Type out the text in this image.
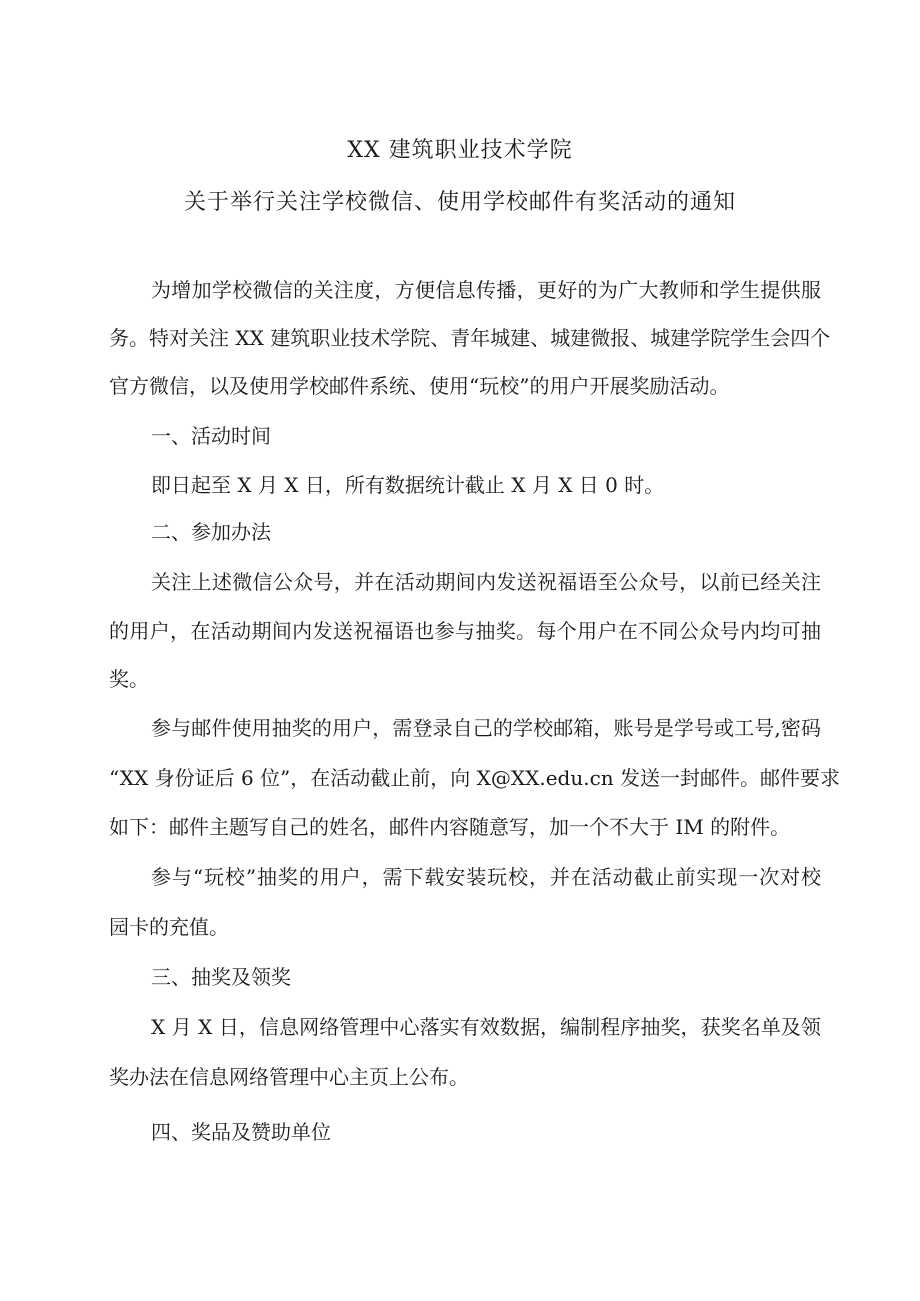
XX 建筑职业技术学院
关于举行关注学校微信、使用学校邮件有奖活动的通知
为增加学校微信的关注度，方便信息传播，更好的为广大教师和学生提供服
务。特对关注 XX 建筑职业技术学院、青年城建、城建微报、城建学院学生会四个
官方微信，以及使用学校邮件系统、使用“玩校”的用户开展奖励活动。
一、活动时间
即日起至 X 月 X 日，所有数据统计截止 X 月 X 日 0 时。
二、参加办法
关注上述微信公众号，并在活动期间内发送祝福语至公众号，以前已经关注
的用户，在活动期间内发送祝福语也参与抽奖。每个用户在不同公众号内均可抽
奖。
参与邮件使用抽奖的用户，需登录自己的学校邮箱，账号是学号或工号,密码
“XX 身份证后 6 位”，在活动截止前，向 X@XX.edu.cn 发送一封邮件。邮件要求
如下：邮件主题写自己的姓名，邮件内容随意写，加一个不大于 IM 的附件。
参与“玩校”抽奖的用户，需下载安装玩校，并在活动截止前实现一次对校
园卡的充值。
三、抽奖及领奖
X 月 X 日，信息网络管理中心落实有效数据，编制程序抽奖，获奖名单及领
奖办法在信息网络管理中心主页上公布。
四、奖品及赞助单位
